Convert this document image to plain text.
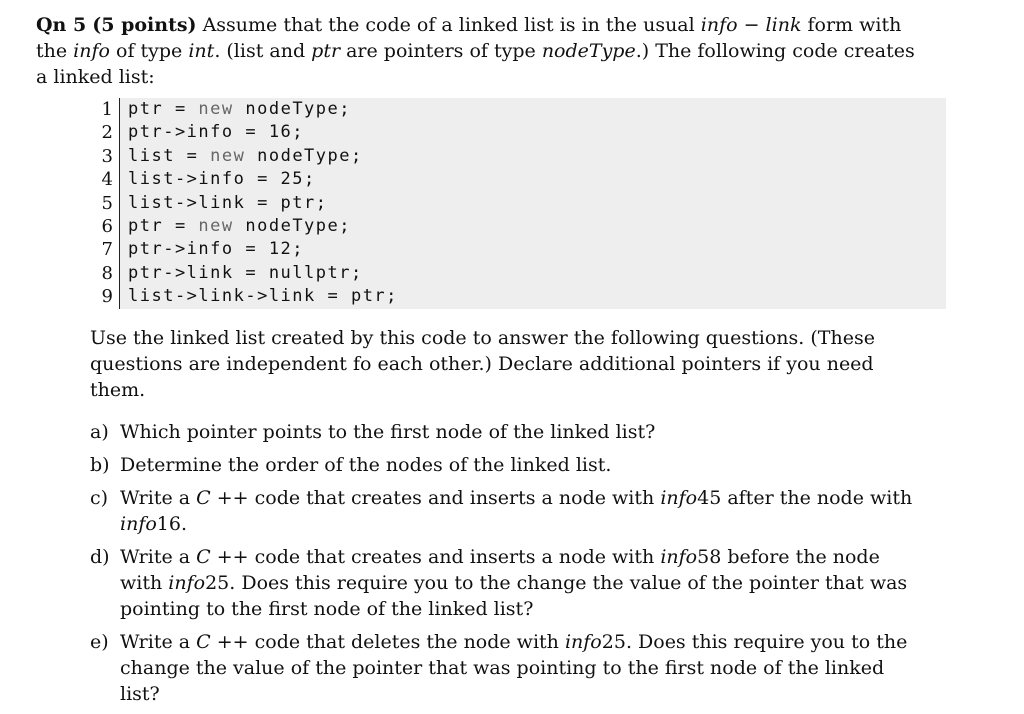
Qn 5 (5 points) Assume that the code of a linked list is in the usual info − link form with the info of type int. (list and ptr are pointers of type nodeType.) The following code creates a linked list:
1 ptr = new nodeType;
2 ptr->info = 16;
3 list = new nodeType;
4 list->info = 25;
5 list->link = ptr;
6 ptr = new nodeType;
7 ptr->info = 12;
8 ptr->link = nullptr;
9 list->link->link = ptr;
Use the linked list created by this code to answer the following questions. (These questions are independent fo each other.) Declare additional pointers if you need them.
a) Which pointer points to the first node of the linked list?
b) Determine the order of the nodes of the linked list.
c) Write a C ++ code that creates and inserts a node with info45 after the node with info16.
d) Write a C ++ code that creates and inserts a node with info58 before the node with info25. Does this require you to the change the value of the pointer that was pointing to the first node of the linked list?
e) Write a C ++ code that deletes the node with info25. Does this require you to the change the value of the pointer that was pointing to the first node of the linked list?
